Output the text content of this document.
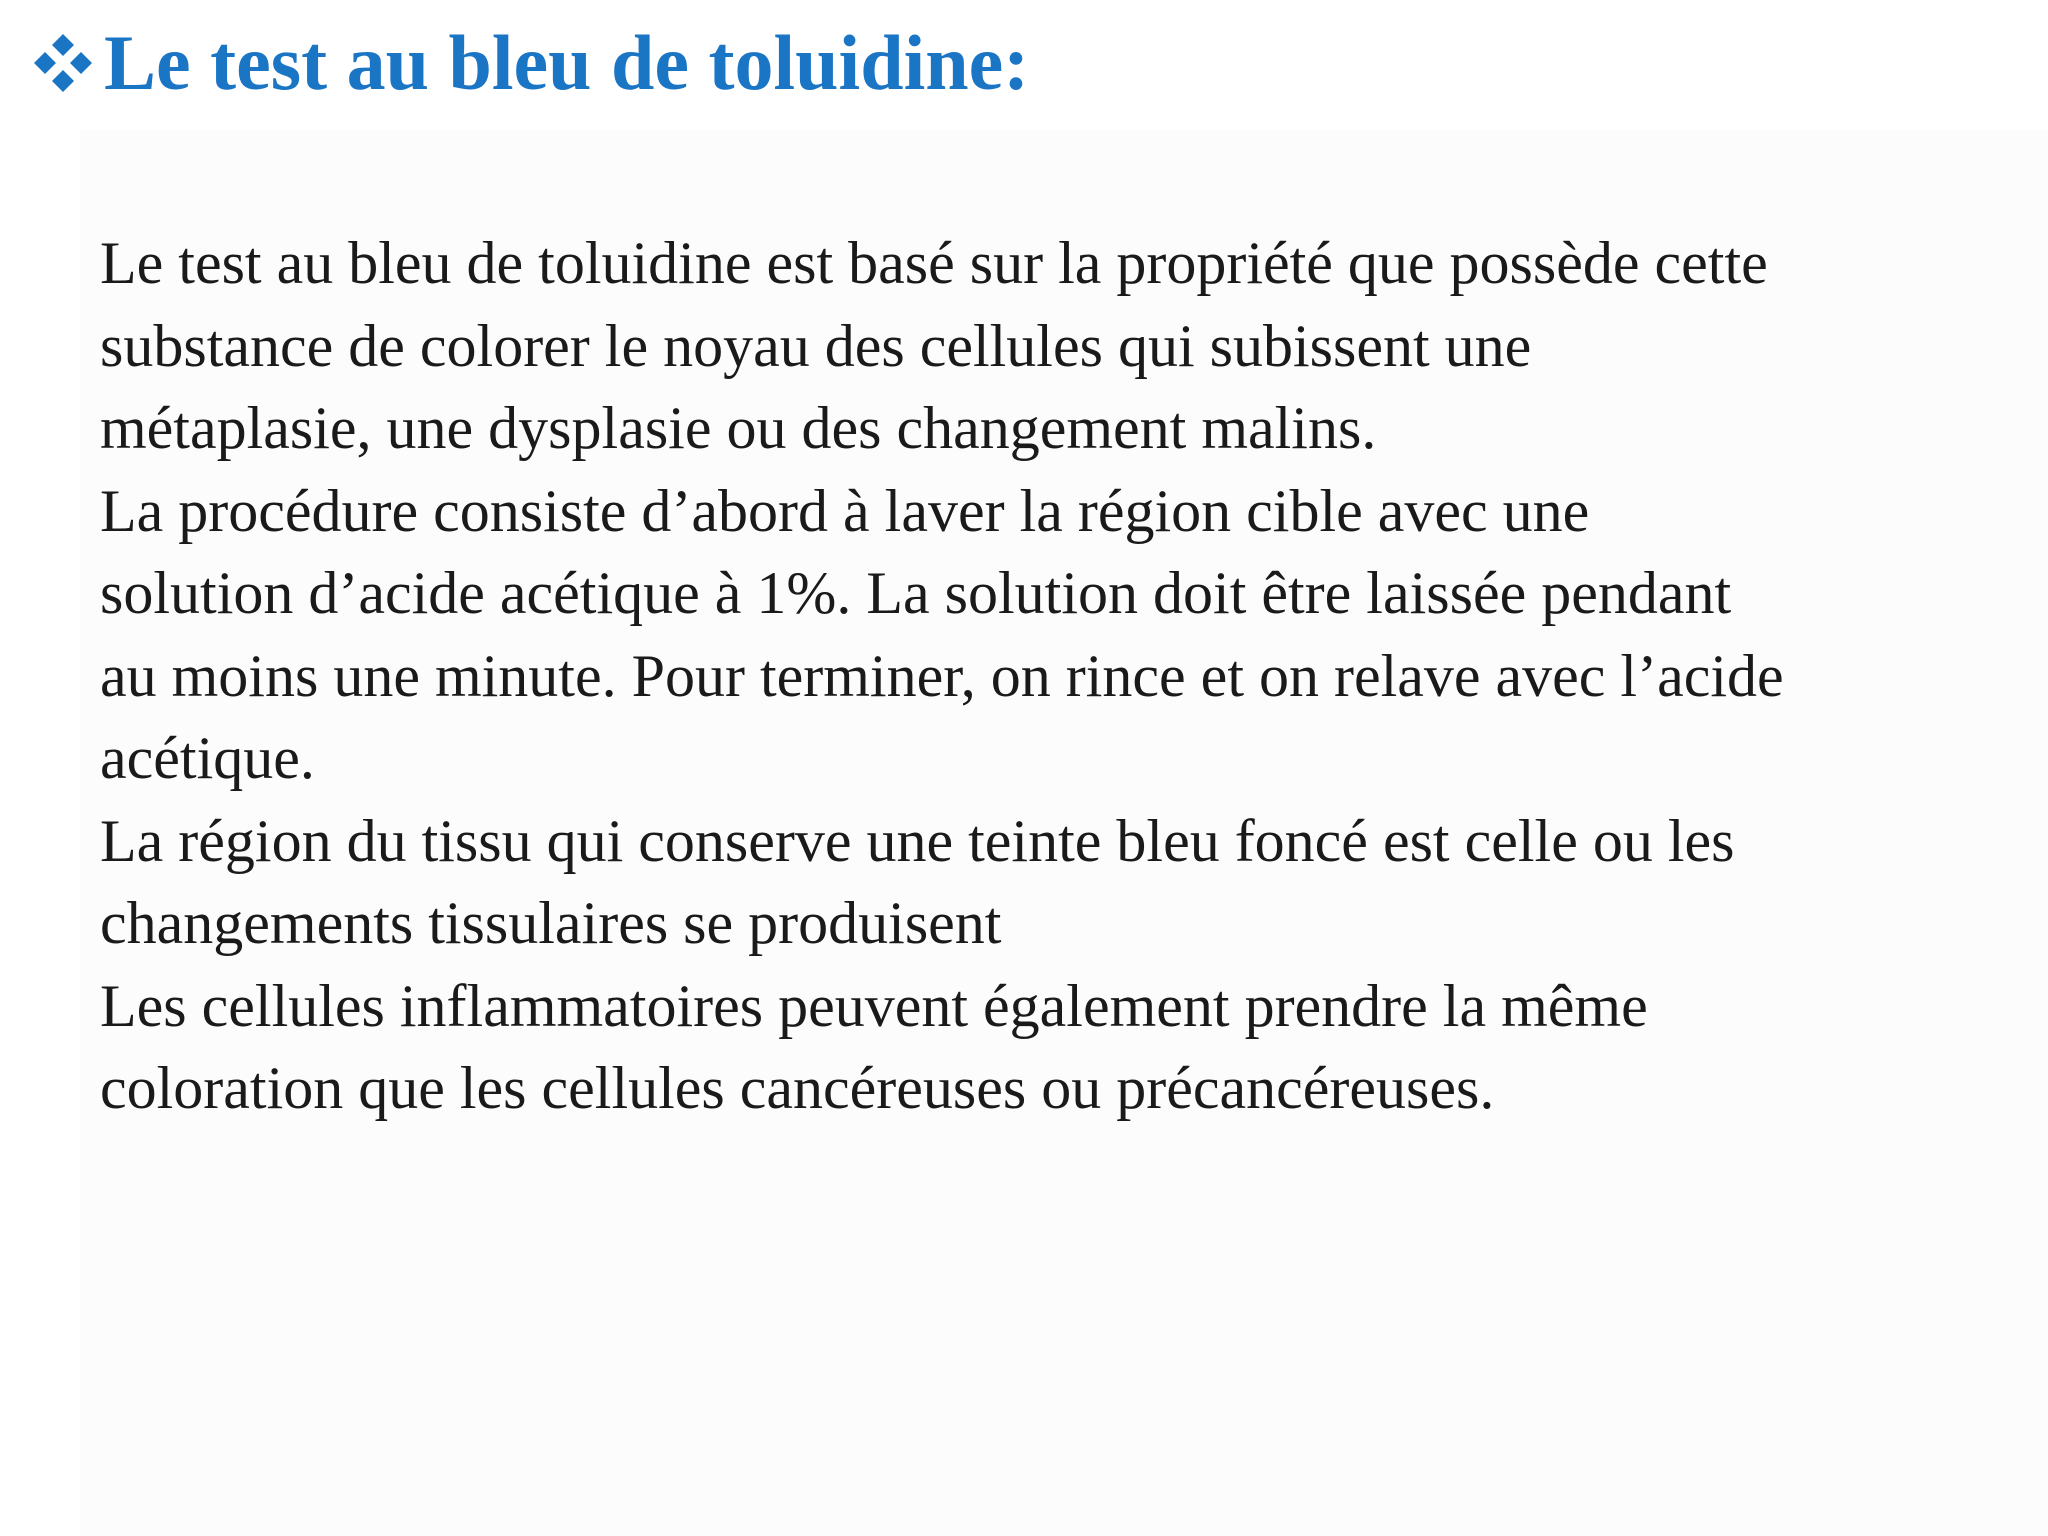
Le test au bleu de toluidine:

Le test au bleu de toluidine est basé sur la propriété que possède cette
substance de colorer le noyau des cellules qui subissent une
métaplasie, une dysplasie ou des changement malins.

La procédure consiste d’abord à laver la région cible avec une
solution d’acide acétique à 1%. La solution doit être laissée pendant
au moins une minute. Pour terminer, on rince et on relave avec l’acide
acétique.

La région du tissu qui conserve une teinte bleu foncé est celle ou les
changements tissulaires se produisent

Les cellules inflammatoires peuvent également prendre la même
coloration que les cellules cancéreuses ou précancéreuses.
